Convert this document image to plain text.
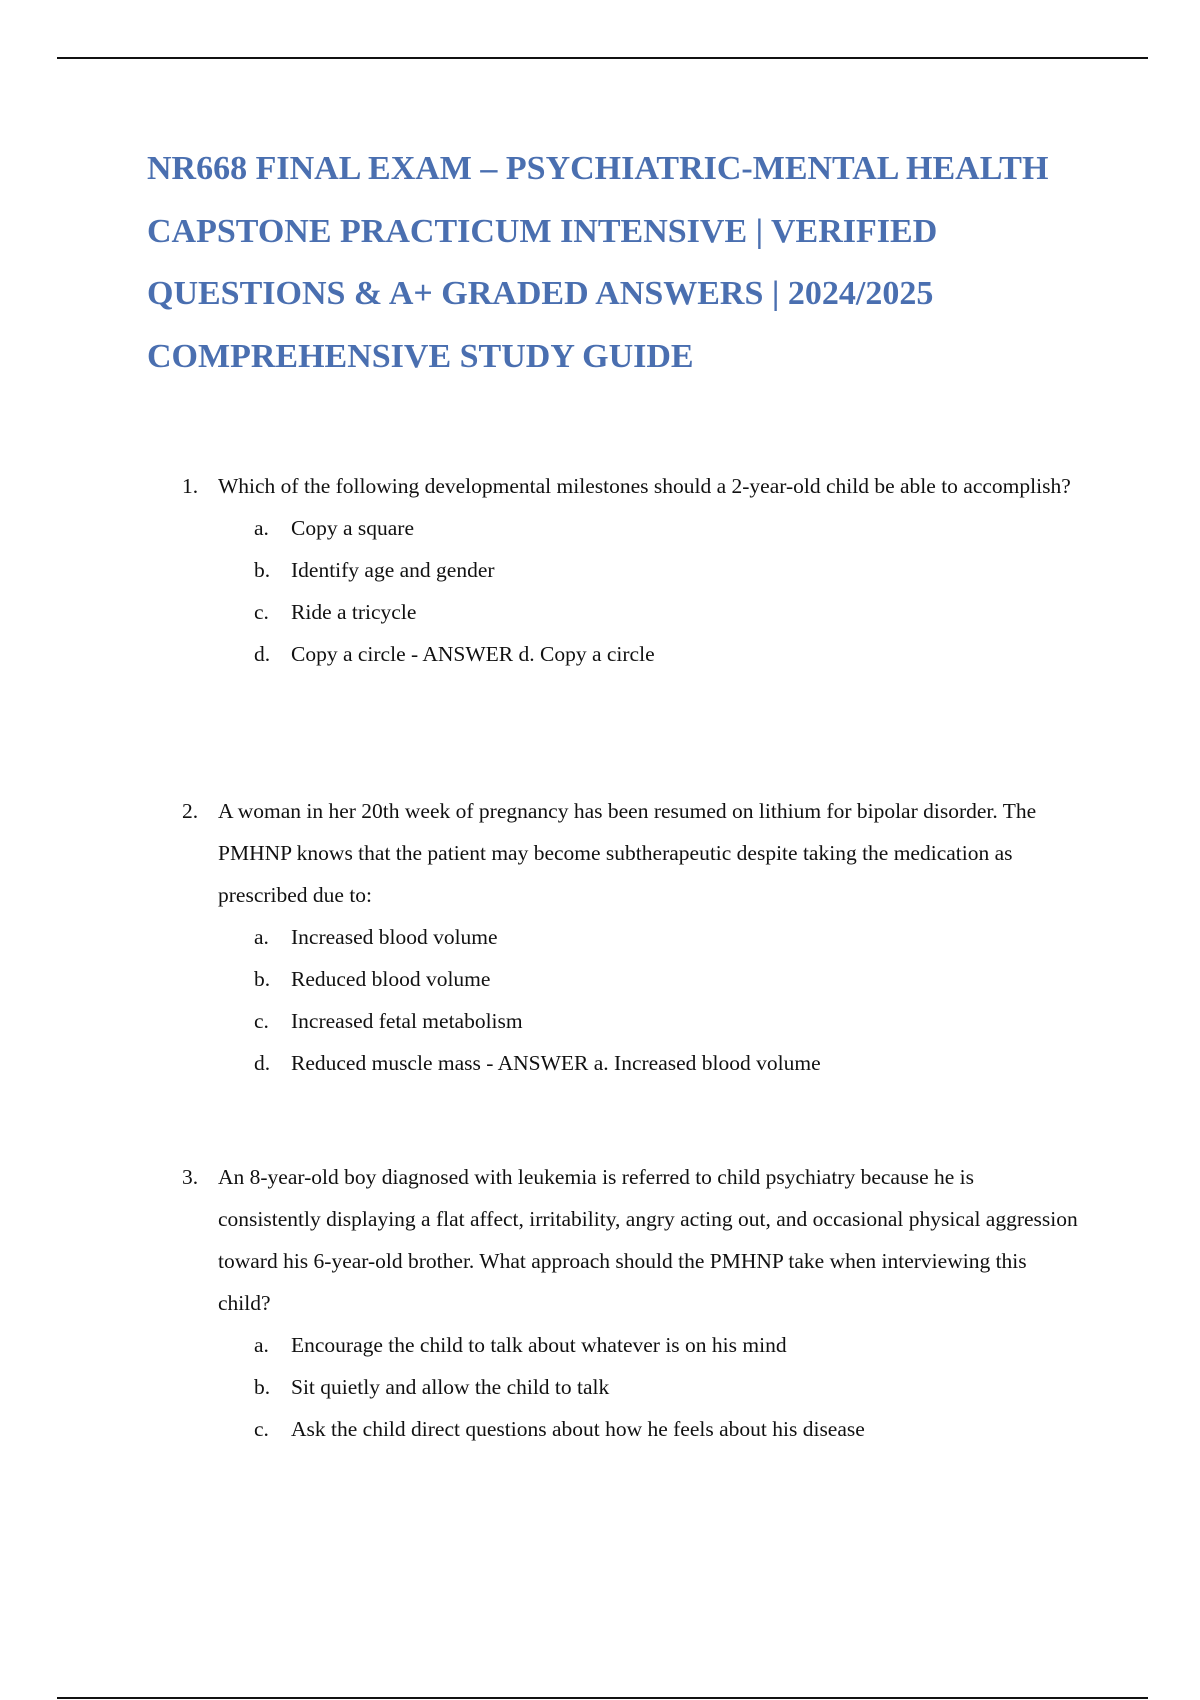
NR668 FINAL EXAM – PSYCHIATRIC-MENTAL HEALTH CAPSTONE PRACTICUM INTENSIVE | VERIFIED QUESTIONS & A+ GRADED ANSWERS | 2024/2025 COMPREHENSIVE STUDY GUIDE
1. Which of the following developmental milestones should a 2-year-old child be able to accomplish?
a. Copy a square
b. Identify age and gender
c. Ride a tricycle
d. Copy a circle - ANSWER d. Copy a circle
2. A woman in her 20th week of pregnancy has been resumed on lithium for bipolar disorder. The PMHNP knows that the patient may become subtherapeutic despite taking the medication as prescribed due to:
a. Increased blood volume
b. Reduced blood volume
c. Increased fetal metabolism
d. Reduced muscle mass - ANSWER a. Increased blood volume
3. An 8-year-old boy diagnosed with leukemia is referred to child psychiatry because he is consistently displaying a flat affect, irritability, angry acting out, and occasional physical aggression toward his 6-year-old brother. What approach should the PMHNP take when interviewing this child?
a. Encourage the child to talk about whatever is on his mind
b. Sit quietly and allow the child to talk
c. Ask the child direct questions about how he feels about his disease
